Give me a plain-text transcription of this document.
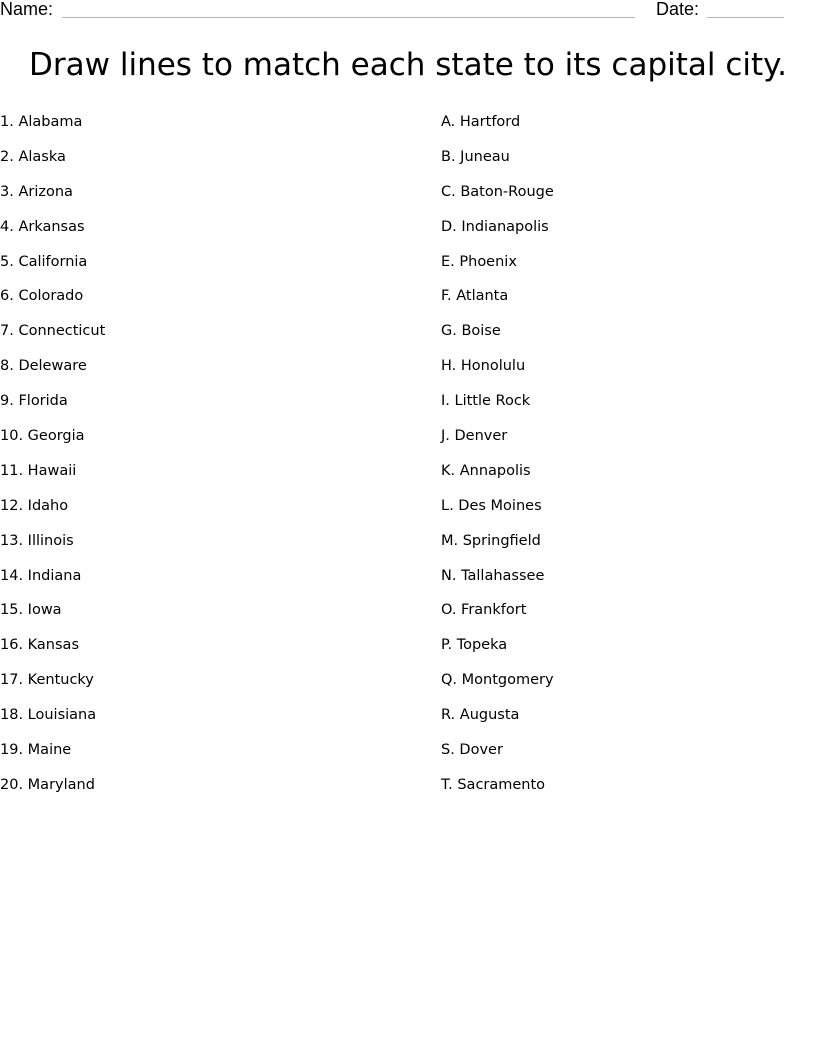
Name:	Date:
Draw lines to match each state to its capital city.
1. Alabama
2. Alaska
3. Arizona
4. Arkansas
5. California
6. Colorado
7. Connecticut
8. Deleware
9. Florida
10. Georgia
11. Hawaii
12. Idaho
13. Illinois
14. Indiana
15. Iowa
16. Kansas
17. Kentucky
18. Louisiana
19. Maine
20. Maryland
A. Hartford
B. Juneau
C. Baton-Rouge
D. Indianapolis
E. Phoenix
F. Atlanta
G. Boise
H. Honolulu
I. Little Rock
J. Denver
K. Annapolis
L. Des Moines
M. Springfield
N. Tallahassee
O. Frankfort
P. Topeka
Q. Montgomery
R. Augusta
S. Dover
T. Sacramento
